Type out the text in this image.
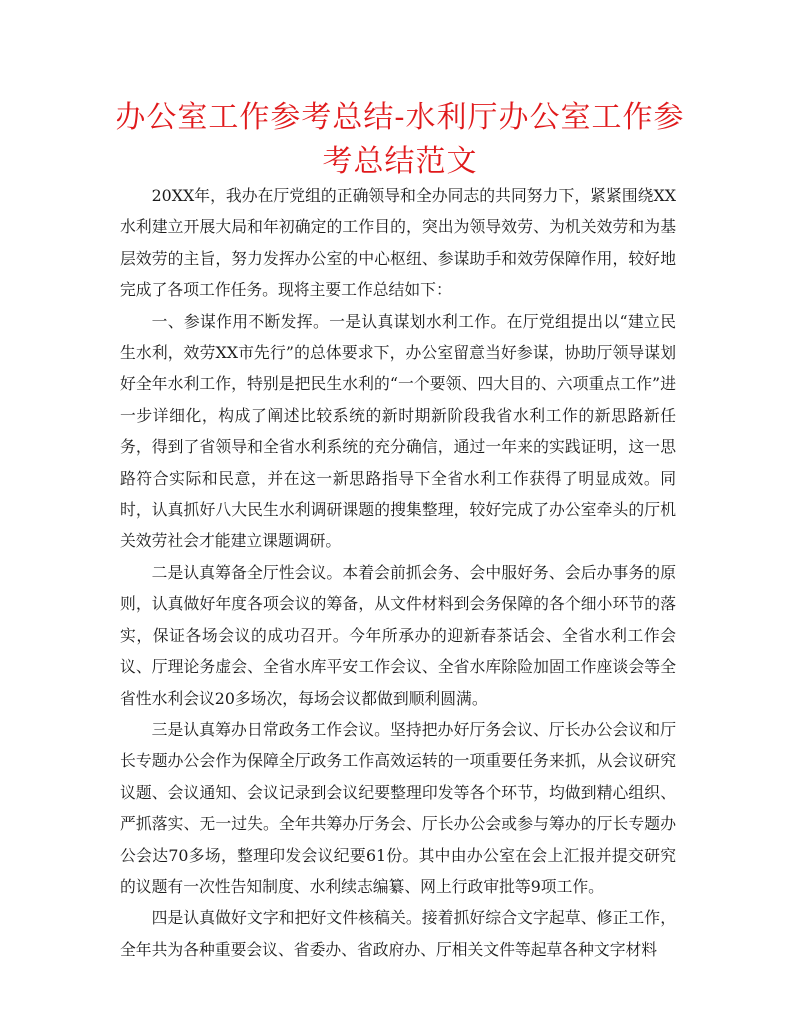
办公室工作参考总结-水利厅办公室工作参考总结范文

20XX年，我办在厅党组的正确领导和全办同志的共同努力下，紧紧围绕XX水利建立开展大局和年初确定的工作目的，突出为领导效劳、为机关效劳和为基层效劳的主旨，努力发挥办公室的中心枢纽、参谋助手和效劳保障作用，较好地完成了各项工作任务。现将主要工作总结如下：

一、参谋作用不断发挥。一是认真谋划水利工作。在厅党组提出以“建立民生水利，效劳XX市先行”的总体要求下，办公室留意当好参谋，协助厅领导谋划好全年水利工作，特别是把民生水利的“一个要领、四大目的、六项重点工作”进一步详细化，构成了阐述比较系统的新时期新阶段我省水利工作的新思路新任务，得到了省领导和全省水利系统的充分确信，通过一年来的实践证明，这一思路符合实际和民意，并在这一新思路指导下全省水利工作获得了明显成效。同时，认真抓好八大民生水利调研课题的搜集整理，较好完成了办公室牵头的厅机关效劳社会才能建立课题调研。

二是认真筹备全厅性会议。本着会前抓会务、会中服好务、会后办事务的原则，认真做好年度各项会议的筹备，从文件材料到会务保障的各个细小环节的落实，保证各场会议的成功召开。今年所承办的迎新春茶话会、全省水利工作会议、厅理论务虚会、全省水库平安工作会议、全省水库除险加固工作座谈会等全省性水利会议20多场次，每场会议都做到顺利圆满。

三是认真筹办日常政务工作会议。坚持把办好厅务会议、厅长办公会议和厅长专题办公会作为保障全厅政务工作高效运转的一项重要任务来抓，从会议研究议题、会议通知、会议记录到会议纪要整理印发等各个环节，均做到精心组织、严抓落实、无一过失。全年共筹办厅务会、厅长办公会或参与筹办的厅长专题办公会达70多场，整理印发会议纪要61份。其中由办公室在会上汇报并提交研究的议题有一次性告知制度、水利续志编纂、网上行政审批等9项工作。

四是认真做好文字和把好文件核稿关。接着抓好综合文字起草、修正工作，全年共为各种重要会议、省委办、省政府办、厅相关文件等起草各种文字材料
